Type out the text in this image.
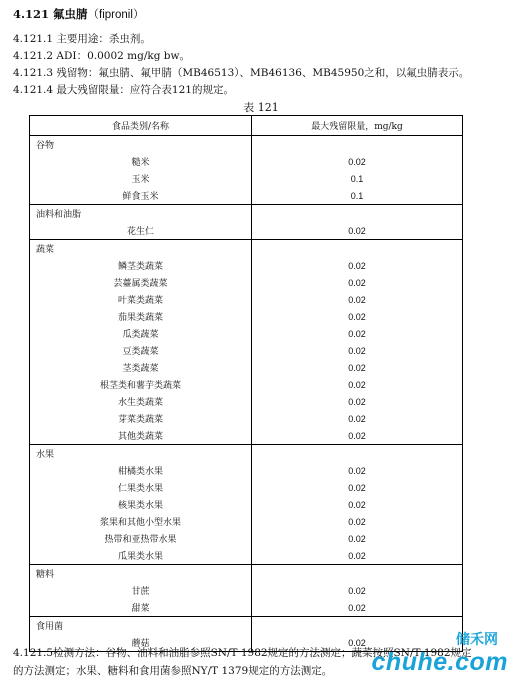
4.121 氟虫腈（fipronil）
4.121.1 主要用途：杀虫剂。
4.121.2 ADI：0.0002 mg/kg bw。
4.121.3 残留物：氟虫腈、氟甲腈（MB46513）、MB46136、MB45950之和，以氟虫腈表示。
4.121.4 最大残留限量：应符合表121的规定。
表 121
食品类别/名称	最大残留限量，mg/kg
谷物	
糙米	0.02
玉米	0.1
鲜食玉米	0.1
油料和油脂	
花生仁	0.02
蔬菜	
鳞茎类蔬菜	0.02
芸薹属类蔬菜	0.02
叶菜类蔬菜	0.02
茄果类蔬菜	0.02
瓜类蔬菜	0.02
豆类蔬菜	0.02
茎类蔬菜	0.02
根茎类和薯芋类蔬菜	0.02
水生类蔬菜	0.02
芽菜类蔬菜	0.02
其他类蔬菜	0.02
水果	
柑橘类水果	0.02
仁果类水果	0.02
核果类水果	0.02
浆果和其他小型水果	0.02
热带和亚热带水果	0.02
瓜果类水果	0.02
糖料	
甘蔗	0.02
甜菜	0.02
食用菌	
蘑菇	0.02
4.121.5检测方法：谷物、油料和油脂参照SN/T 1982规定的方法测定；蔬菜按照SN/T 1982规定
的方法测定；水果、糖料和食用菌参照NY/T 1379规定的方法测定。
储禾网
chuhe.com
